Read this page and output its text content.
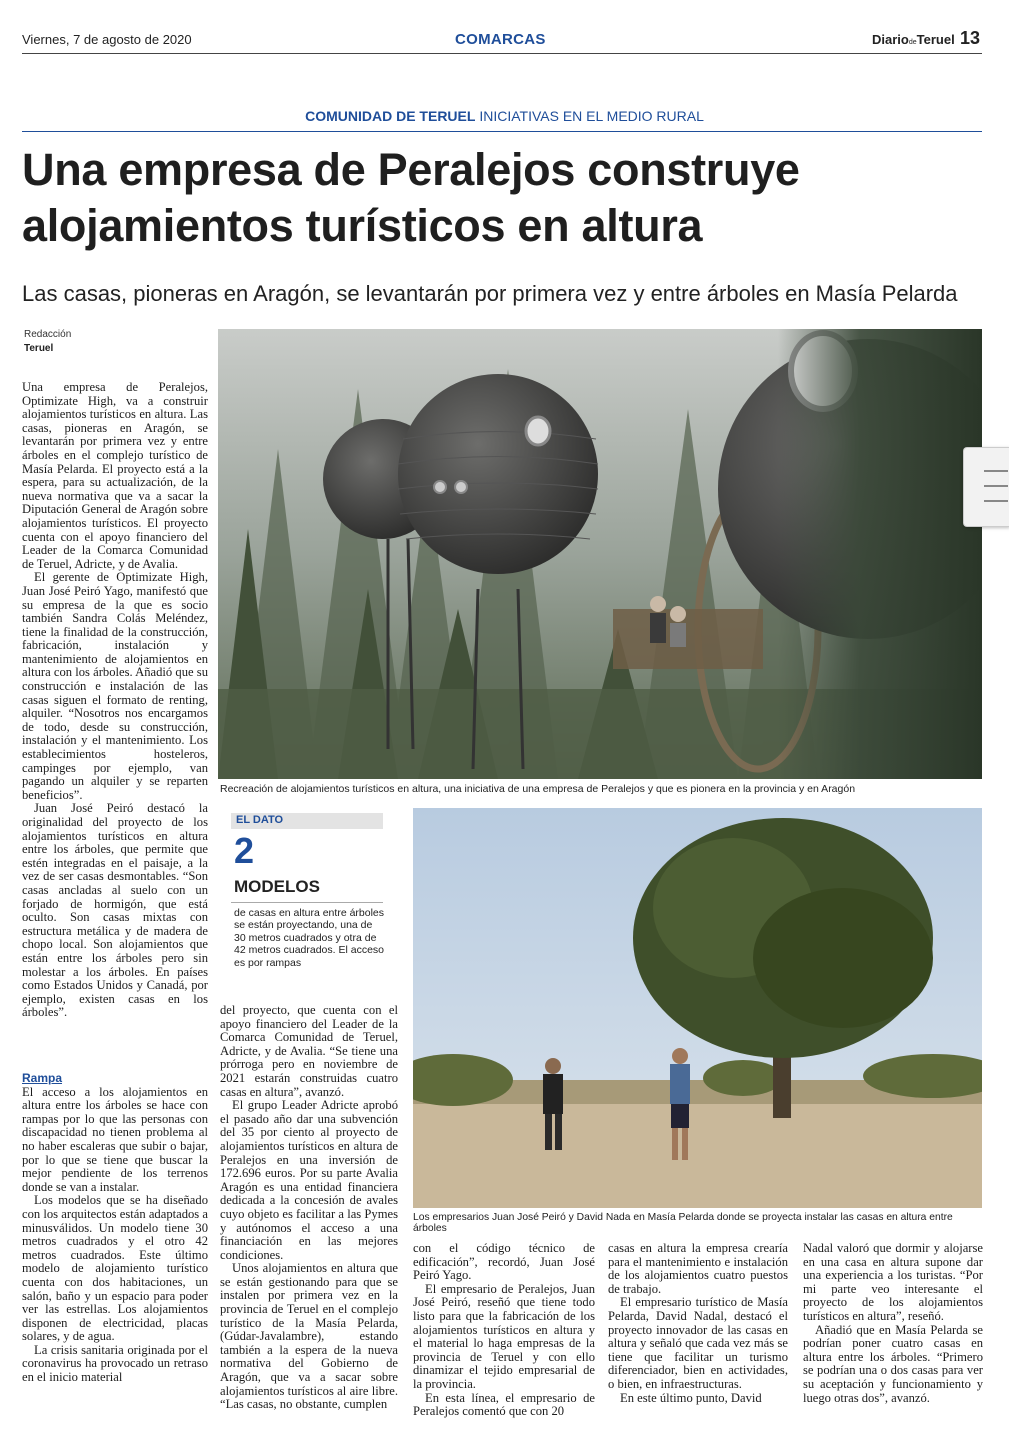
Viernes, 7 de agosto de 2020	COMARCAS	DiariodeTeruel 13
COMUNIDAD DE TERUEL INICIATIVAS EN EL MEDIO RURAL
Una empresa de Peralejos construye
alojamientos turísticos en altura
Las casas, pioneras en Aragón, se levantarán por primera vez y entre árboles en Masía Pelarda
Redacción
Teruel
Recreación de alojamientos turísticos en altura, una iniciativa de una empresa de Peralejos y que es pionera en la provincia y en Aragón
EL DATO
2
MODELOS
de casas en altura entre árboles se están proyectando, una de 30 metros cuadrados y otra de 42 metros cuadrados. El acceso es por rampas
Los empresarios Juan José Peiró y David Nada en Masía Pelarda donde se proyecta instalar las casas en altura entre árboles

Una empresa de Peralejos, Optimizate High, va a construir alojamientos turísticos en altura. Las casas, pioneras en Aragón, se levantarán por primera vez y entre árboles en el complejo turístico de Masía Pelarda. El proyecto está a la espera, para su actualización, de la nueva normativa que va a sacar la Diputación General de Aragón sobre alojamientos turísticos. El proyecto cuenta con el apoyo financiero del Leader de la Comarca Comunidad de Teruel, Adricte, y de Avalia.

El gerente de Optimizate High, Juan José Peiró Yago, manifestó que su empresa de la que es socio también Sandra Colás Meléndez, tiene la finalidad de la construcción, fabricación, instalación y mantenimiento de alojamientos en altura con los árboles. Añadió que su construcción e instalación de las casas siguen el formato de renting, alquiler. “Nosotros nos encargamos de todo, desde su construcción, instalación y el mantenimiento. Los establecimientos hosteleros, campinges por ejemplo, van pagando un alquiler y se reparten beneficios”.

Juan José Peiró destacó la originalidad del proyecto de los alojamientos turísticos en altura entre los árboles, que permite que estén integradas en el paisaje, a la vez de ser casas desmontables. “Son casas ancladas al suelo con un forjado de hormigón, que está oculto. Son casas mixtas con estructura metálica y de madera de chopo local. Son alojamientos que están entre los árboles pero sin molestar a los árboles. En países como Estados Unidos y Canadá, por ejemplo, existen casas en los árboles”.

Rampa

El acceso a los alojamientos en altura entre los árboles se hace con rampas por lo que las personas con discapacidad no tienen problema al no haber escaleras que subir o bajar, por lo que se tiene que buscar la mejor pendiente de los terrenos donde se van a instalar.

Los modelos que se ha diseñado con los arquitectos están adaptados a minusválidos. Un modelo tiene 30 metros cuadrados y el otro 42 metros cuadrados. Este último modelo de alojamiento turístico cuenta con dos habitaciones, un salón, baño y un espacio para poder ver las estrellas. Los alojamientos disponen de electricidad, placas solares, y de agua.

La crisis sanitaria originada por el coronavirus ha provocado un retraso en el inicio material

del proyecto, que cuenta con el apoyo financiero del Leader de la Comarca Comunidad de Teruel, Adricte, y de Avalia. “Se tiene una prórroga pero en noviembre de 2021 estarán construidas cuatro casas en altura”, avanzó.

El grupo Leader Adricte aprobó el pasado año dar una subvención del 35 por ciento al proyecto de alojamientos turísticos en altura de Peralejos en una inversión de 172.696 euros. Por su parte Avalia Aragón es una entidad financiera dedicada a la concesión de avales cuyo objeto es facilitar a las Pymes y autónomos el acceso a una financiación en las mejores condiciones.

Unos alojamientos en altura que se están gestionando para que se instalen por primera vez en la provincia de Teruel en el complejo turístico de la Masía Pelarda, (Gúdar-Javalambre), estando también a la espera de la nueva normativa del Gobierno de Aragón, que va a sacar sobre alojamientos turísticos al aire libre. “Las casas, no obstante, cumplen

con el código técnico de edificación”, recordó, Juan José Peiró Yago.

El empresario de Peralejos, Juan José Peiró, reseñó que tiene todo listo para que la fabricación de los alojamientos turísticos en altura y el material lo haga empresas de la provincia de Teruel y con ello dinamizar el tejido empresarial de la provincia.

En esta línea, el empresario de Peralejos comentó que con 20

casas en altura la empresa crearía para el mantenimiento e instalación de los alojamientos cuatro puestos de trabajo.

El empresario turístico de Masía Pelarda, David Nadal, destacó el proyecto innovador de las casas en altura y señaló que cada vez más se tiene que facilitar un turismo diferenciador, bien en actividades, o bien, en infraestructuras.

En este último punto, David

Nadal valoró que dormir y alojarse en una casa en altura supone dar una experiencia a los turistas. “Por mi parte veo interesante el proyecto de los alojamientos turísticos en altura”, reseñó.

Añadió que en Masía Pelarda se podrían poner cuatro casas en altura entre los árboles. “Primero se podrían una o dos casas para ver su aceptación y funcionamiento y luego otras dos”, avanzó.
